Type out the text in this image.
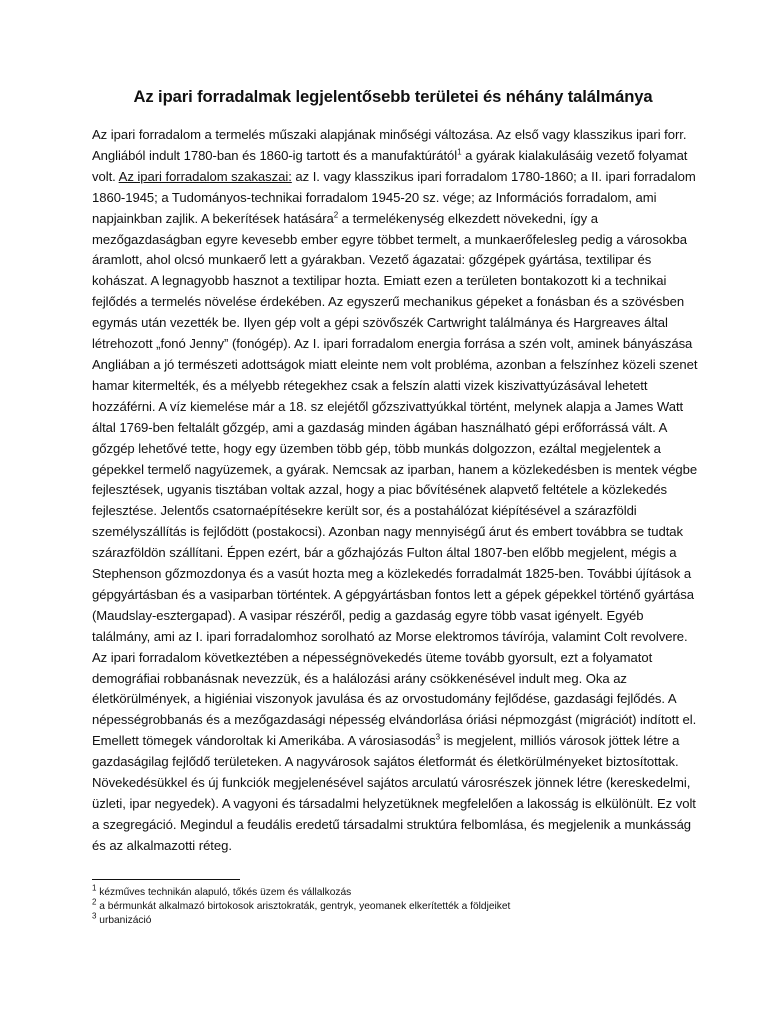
Az ipari forradalmak legjelentősebb területei és néhány találmánya
Az ipari forradalom a termelés műszaki alapjának minőségi változása. Az első vagy klasszikus ipari forr. Angliából indult 1780-ban és 1860-ig tartott és a manufaktúrától$^1$ a gyárak kialakulásáig vezető folyamat volt. Az ipari forradalom szakaszai: az I. vagy klasszikus ipari forradalom 1780-1860; a II. ipari forradalom 1860-1945; a Tudományos-technikai forradalom 1945-20 sz. vége; az Információs forradalom, ami napjainkban zajlik. A bekerítések hatására$^2$ a termelékenység elkezdett növekedni, így a mezőgazdaságban egyre kevesebb ember egyre többet termelt, a munkaerőfelesleg pedig a városokba áramlott, ahol olcsó munkaerő lett a gyárakban. Vezető ágazatai: gőzgépek gyártása, textilipar és kohászat. A legnagyobb hasznot a textilipar hozta. Emiatt ezen a területen bontakozott ki a technikai fejlődés a termelés növelése érdekében. Az egyszerű mechanikus gépeket a fonásban és a szövésben egymás után vezették be. Ilyen gép volt a gépi szövőszék Cartwright találmánya és Hargreaves által létrehozott „fonó Jenny” (fonógép). Az I. ipari forradalom energia forrása a szén volt, aminek bányászása Angliában a jó természeti adottságok miatt eleinte nem volt probléma, azonban a felszínhez közeli szenet hamar kitermelték, és a mélyebb rétegekhez csak a felszín alatti vizek kiszivattyúzásával lehetett hozzáférni. A víz kiemelése már a 18. sz elejétől gőzszivattyúkkal történt, melynek alapja a James Watt által 1769-ben feltalált gőzgép, ami a gazdaság minden ágában használható gépi erőforrássá vált. A gőzgép lehetővé tette, hogy egy üzemben több gép, több munkás dolgozzon, ezáltal megjelentek a gépekkel termelő nagyüzemek, a gyárak. Nemcsak az iparban, hanem a közlekedésben is mentek végbe fejlesztések, ugyanis tisztában voltak azzal, hogy a piac bővítésének alapvető feltétele a közlekedés fejlesztése. Jelentős csatornaépítésekre került sor, és a postahálózat kiépítésével a szárazföldi személyszállítás is fejlődött (postakocsi). Azonban nagy mennyiségű árut és embert továbbra se tudtak szárazföldön szállítani. Éppen ezért, bár a gőzhajózás Fulton által 1807-ben előbb megjelent, mégis a Stephenson gőzmozdonya és a vasút hozta meg a közlekedés forradalmát 1825-ben. További újítások a gépgyártásban és a vasiparban történtek. A gépgyártásban fontos lett a gépek gépekkel történő gyártása (Maudslay-esztergapad). A vasipar részéről, pedig a gazdaság egyre több vasat igényelt. Egyéb találmány, ami az I. ipari forradalomhoz sorolható az Morse elektromos távírója, valamint Colt revolvere. Az ipari forradalom következtében a népességnövekedés üteme tovább gyorsult, ezt a folyamatot demográfiai robbanásnak nevezzük, és a halálozási arány csökkenésével indult meg. Oka az életkörülmények, a higiéniai viszonyok javulása és az orvostudomány fejlődése, gazdasági fejlődés. A népességrobbanás és a mezőgazdasági népesség elvándorlása óriási népmozgást (migrációt) indított el. Emellett tömegek vándoroltak ki Amerikába. A városiasodás$^3$ is megjelent, milliós városok jöttek létre a gazdaságilag fejlődő területeken. A nagyvárosok sajátos életformát és életkörülményeket biztosítottak. Növekedésükkel és új funkciók megjelenésével sajátos arculatú városrészek jönnek létre (kereskedelmi, üzleti, ipar negyedek). A vagyoni és társadalmi helyzetüknek megfelelően a lakosság is elkülönült. Ez volt a szegregáció. Megindul a feudális eredetű társadalmi struktúra felbomlása, és megjelenik a munkásság és az alkalmazotti réteg.
$^1$ kézműves technikán alapuló, tőkés üzem és vállalkozás
$^2$ a bérmunkát alkalmazó birtokosok arisztokraták, gentryk, yeomanek elkerítették a földjeiket
$^3$ urbanizáció
